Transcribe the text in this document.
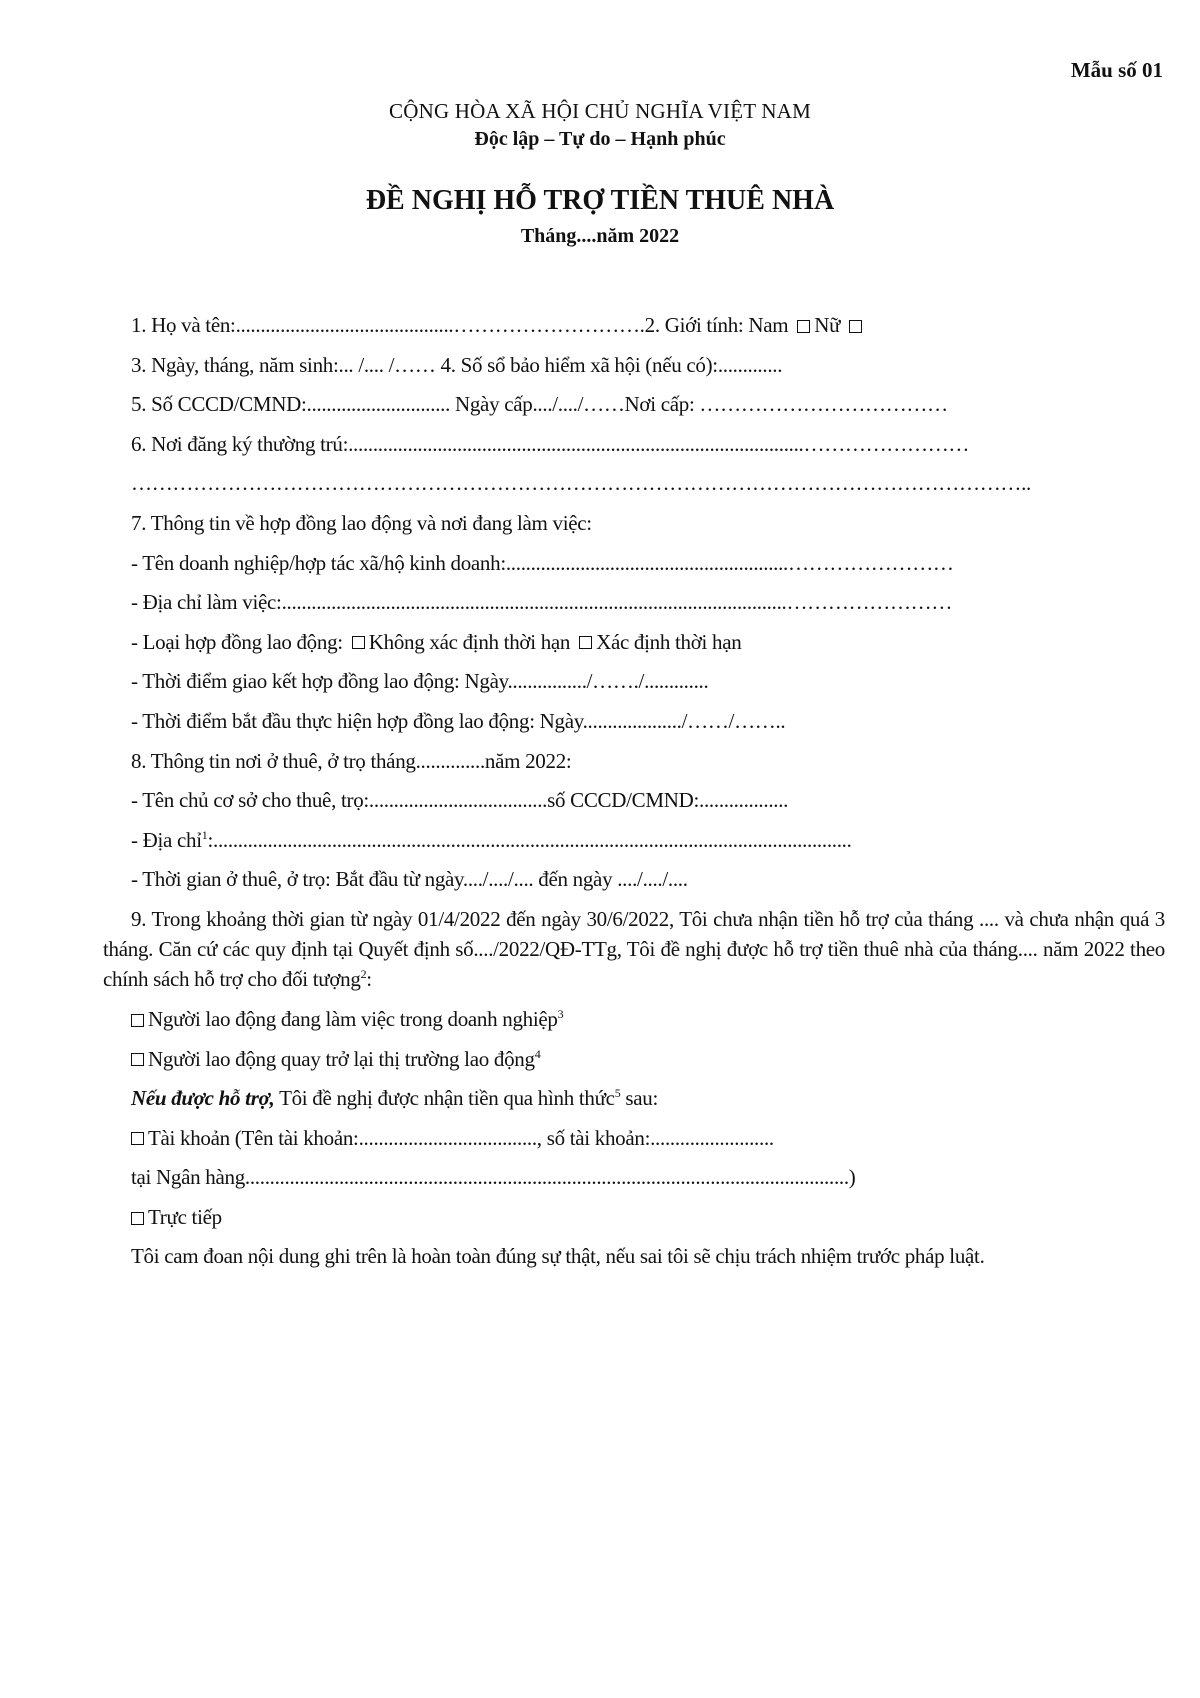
Mẫu số 01
CỘNG HÒA XÃ HỘI CHỦ NGHĨA VIỆT NAM
Độc lập – Tự do – Hạnh phúc
ĐỀ NGHỊ HỖ TRỢ TIỀN THUÊ NHÀ
Tháng....năm 2022
1. Họ và tên:............................................……………………….2. Giới tính: Nam Nữ
3. Ngày, tháng, năm sinh:... /.... /…… 4. Số sổ bảo hiểm xã hội (nếu có):.............
5. Số CCCD/CMND:............................. Ngày cấp..../..../……Nơi cấp: ………………………………
6. Nơi đăng ký thường trú:............................................................................................……………………
…………………………………………………………………………………………………………………..
7. Thông tin về hợp đồng lao động và nơi đang làm việc:
- Tên doanh nghiệp/hợp tác xã/hộ kinh doanh:.........................................................……………………
- Địa chỉ làm việc:......................................................................................................……………………
- Loại hợp đồng lao động: Không xác định thời hạn Xác định thời hạn
- Thời điểm giao kết hợp đồng lao động: Ngày................/……./.............
- Thời điểm bắt đầu thực hiện hợp đồng lao động: Ngày..................../……/……..
8. Thông tin nơi ở thuê, ở trọ tháng..............năm 2022:
- Tên chủ cơ sở cho thuê, trọ:....................................số CCCD/CMND:..................
- Địa chỉ$^1$:.................................................................................................................................
- Thời gian ở thuê, ở trọ: Bắt đầu từ ngày..../..../.... đến ngày ..../..../....
9. Trong khoảng thời gian từ ngày 01/4/2022 đến ngày 30/6/2022, Tôi chưa nhận tiền hỗ trợ của tháng .... và chưa nhận quá 3 tháng. Căn cứ các quy định tại Quyết định số..../2022/QĐ-TTg, Tôi đề nghị được hỗ trợ tiền thuê nhà của tháng.... năm 2022 theo chính sách hỗ trợ cho đối tượng$^2$:
Người lao động đang làm việc trong doanh nghiệp$^3$
Người lao động quay trở lại thị trường lao động$^4$
Nếu được hỗ trợ, Tôi đề nghị được nhận tiền qua hình thức$^5$ sau:
Tài khoản (Tên tài khoản:...................................., số tài khoản:.........................
tại Ngân hàng..........................................................................................................................)
Trực tiếp
Tôi cam đoan nội dung ghi trên là hoàn toàn đúng sự thật, nếu sai tôi sẽ chịu trách nhiệm trước pháp luật.
